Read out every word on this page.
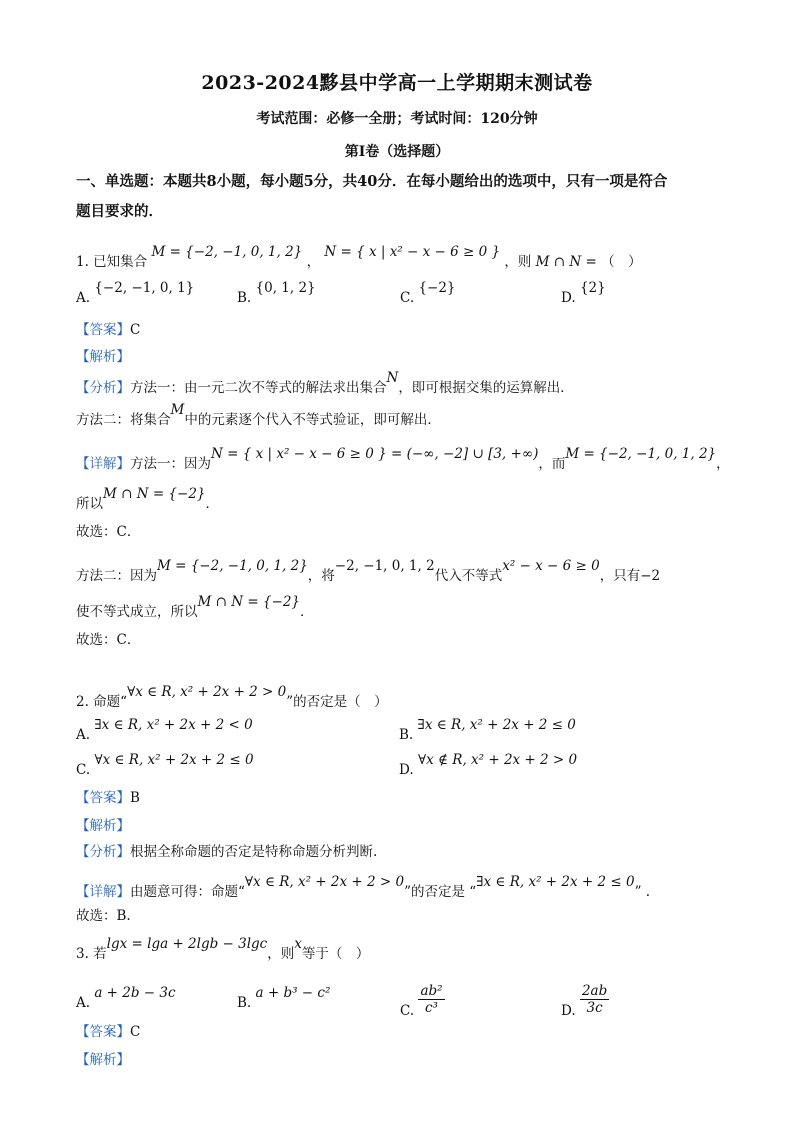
2023-2024黟县中学高一上学期期末测试卷
考试范围：必修一全册；考试时间：120分钟
第I卷（选择题）
一、单选题：本题共8小题，每小题5分，共40分．在每小题给出的选项中，只有一项是符合
题目要求的．
1. 已知集合 M = {−2, −1, 0, 1, 2} ， N = { x | x² − x − 6 ≥ 0 } ，则 M ∩ N = （　）
A. {−2, −1, 0, 1}
B. {0, 1, 2}
C. {−2}
D. {2}
【答案】C
【解析】
【分析】方法一：由一元二次不等式的解法求出集合N，即可根据交集的运算解出．
方法二：将集合M中的元素逐个代入不等式验证，即可解出．
【详解】方法一：因为N = { x | x² − x − 6 ≥ 0 } = (−∞, −2] ∪ [3, +∞)，而M = {−2, −1, 0, 1, 2}，
所以M ∩ N = {−2}．
故选：C．
方法二：因为M = {−2, −1, 0, 1, 2}，将−2, −1, 0, 1, 2代入不等式x² − x − 6 ≥ 0，只有−2
使不等式成立，所以M ∩ N = {−2}．
故选：C．
2. 命题“∀x ∈ R, x² + 2x + 2 > 0”的否定是（　）
A. ∃x ∈ R, x² + 2x + 2 < 0
B. ∃x ∈ R, x² + 2x + 2 ≤ 0
C. ∀x ∈ R, x² + 2x + 2 ≤ 0
D. ∀x ∉ R, x² + 2x + 2 > 0
【答案】B
【解析】
【分析】根据全称命题的否定是特称命题分析判断.
【详解】由题意可得：命题“∀x ∈ R, x² + 2x + 2 > 0”的否定是 “∃x ∈ R, x² + 2x + 2 ≤ 0” .
故选：B.
3. 若lgx = lga + 2lgb − 3lgc，则x等于（　）
A. a + 2b − 3c
B. a + b³ − c²
C. $\frac{\text{ab²}}{\text{c³}}$	D. $\frac{2ab}{3c}$
【答案】C
【解析】
